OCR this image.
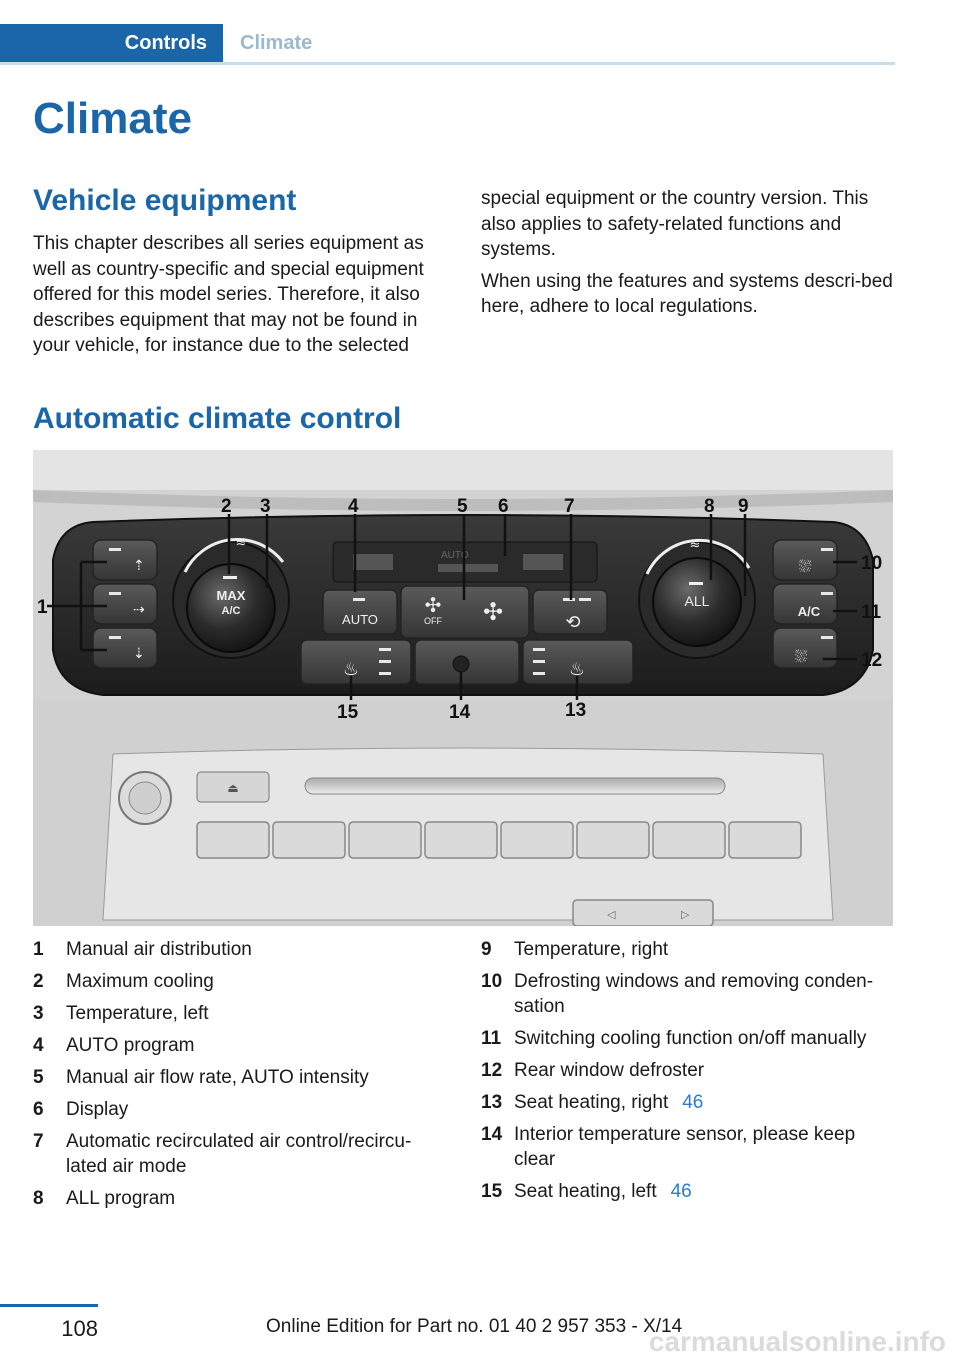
Controls	Climate
Climate
Vehicle equipment

This chapter describes all series equipment as well as country-specific and special equipment offered for this model series. Therefore, it also describes equipment that may not be found in your vehicle, for instance due to the selected

special equipment or the country version. This also applies to safety-related functions and systems.

When using the features and systems descri‐bed here, adhere to local regulations.

Automatic climate control
AUTO
MAX
A/C
ALL
AUTO	OFF
A/C
✣ ✣	⟲
♨	♨
⛆
⛆
⇡
⇢
⇣
≋	≋
1
2 3	4	5 6	7	8 9
10
11
12
13
14
15
⏏
◁	▷
1	Manual air distribution
2	Maximum cooling
3	Temperature, left
4	AUTO program
5	Manual air flow rate, AUTO intensity
6	Display
7	Automatic recirculated air control/recircu‐lated air mode
8	ALL program
9	Temperature, right
10 Defrosting windows and removing conden‐sation
11 Switching cooling function on/off manually
12 Rear window defroster
13 Seat heating, right 46
14 Interior temperature sensor, please keep clear
15 Seat heating, left 46
108	Online Edition for Part no. 01 40 2 957 353 - X/14
carmanualsonline.info
